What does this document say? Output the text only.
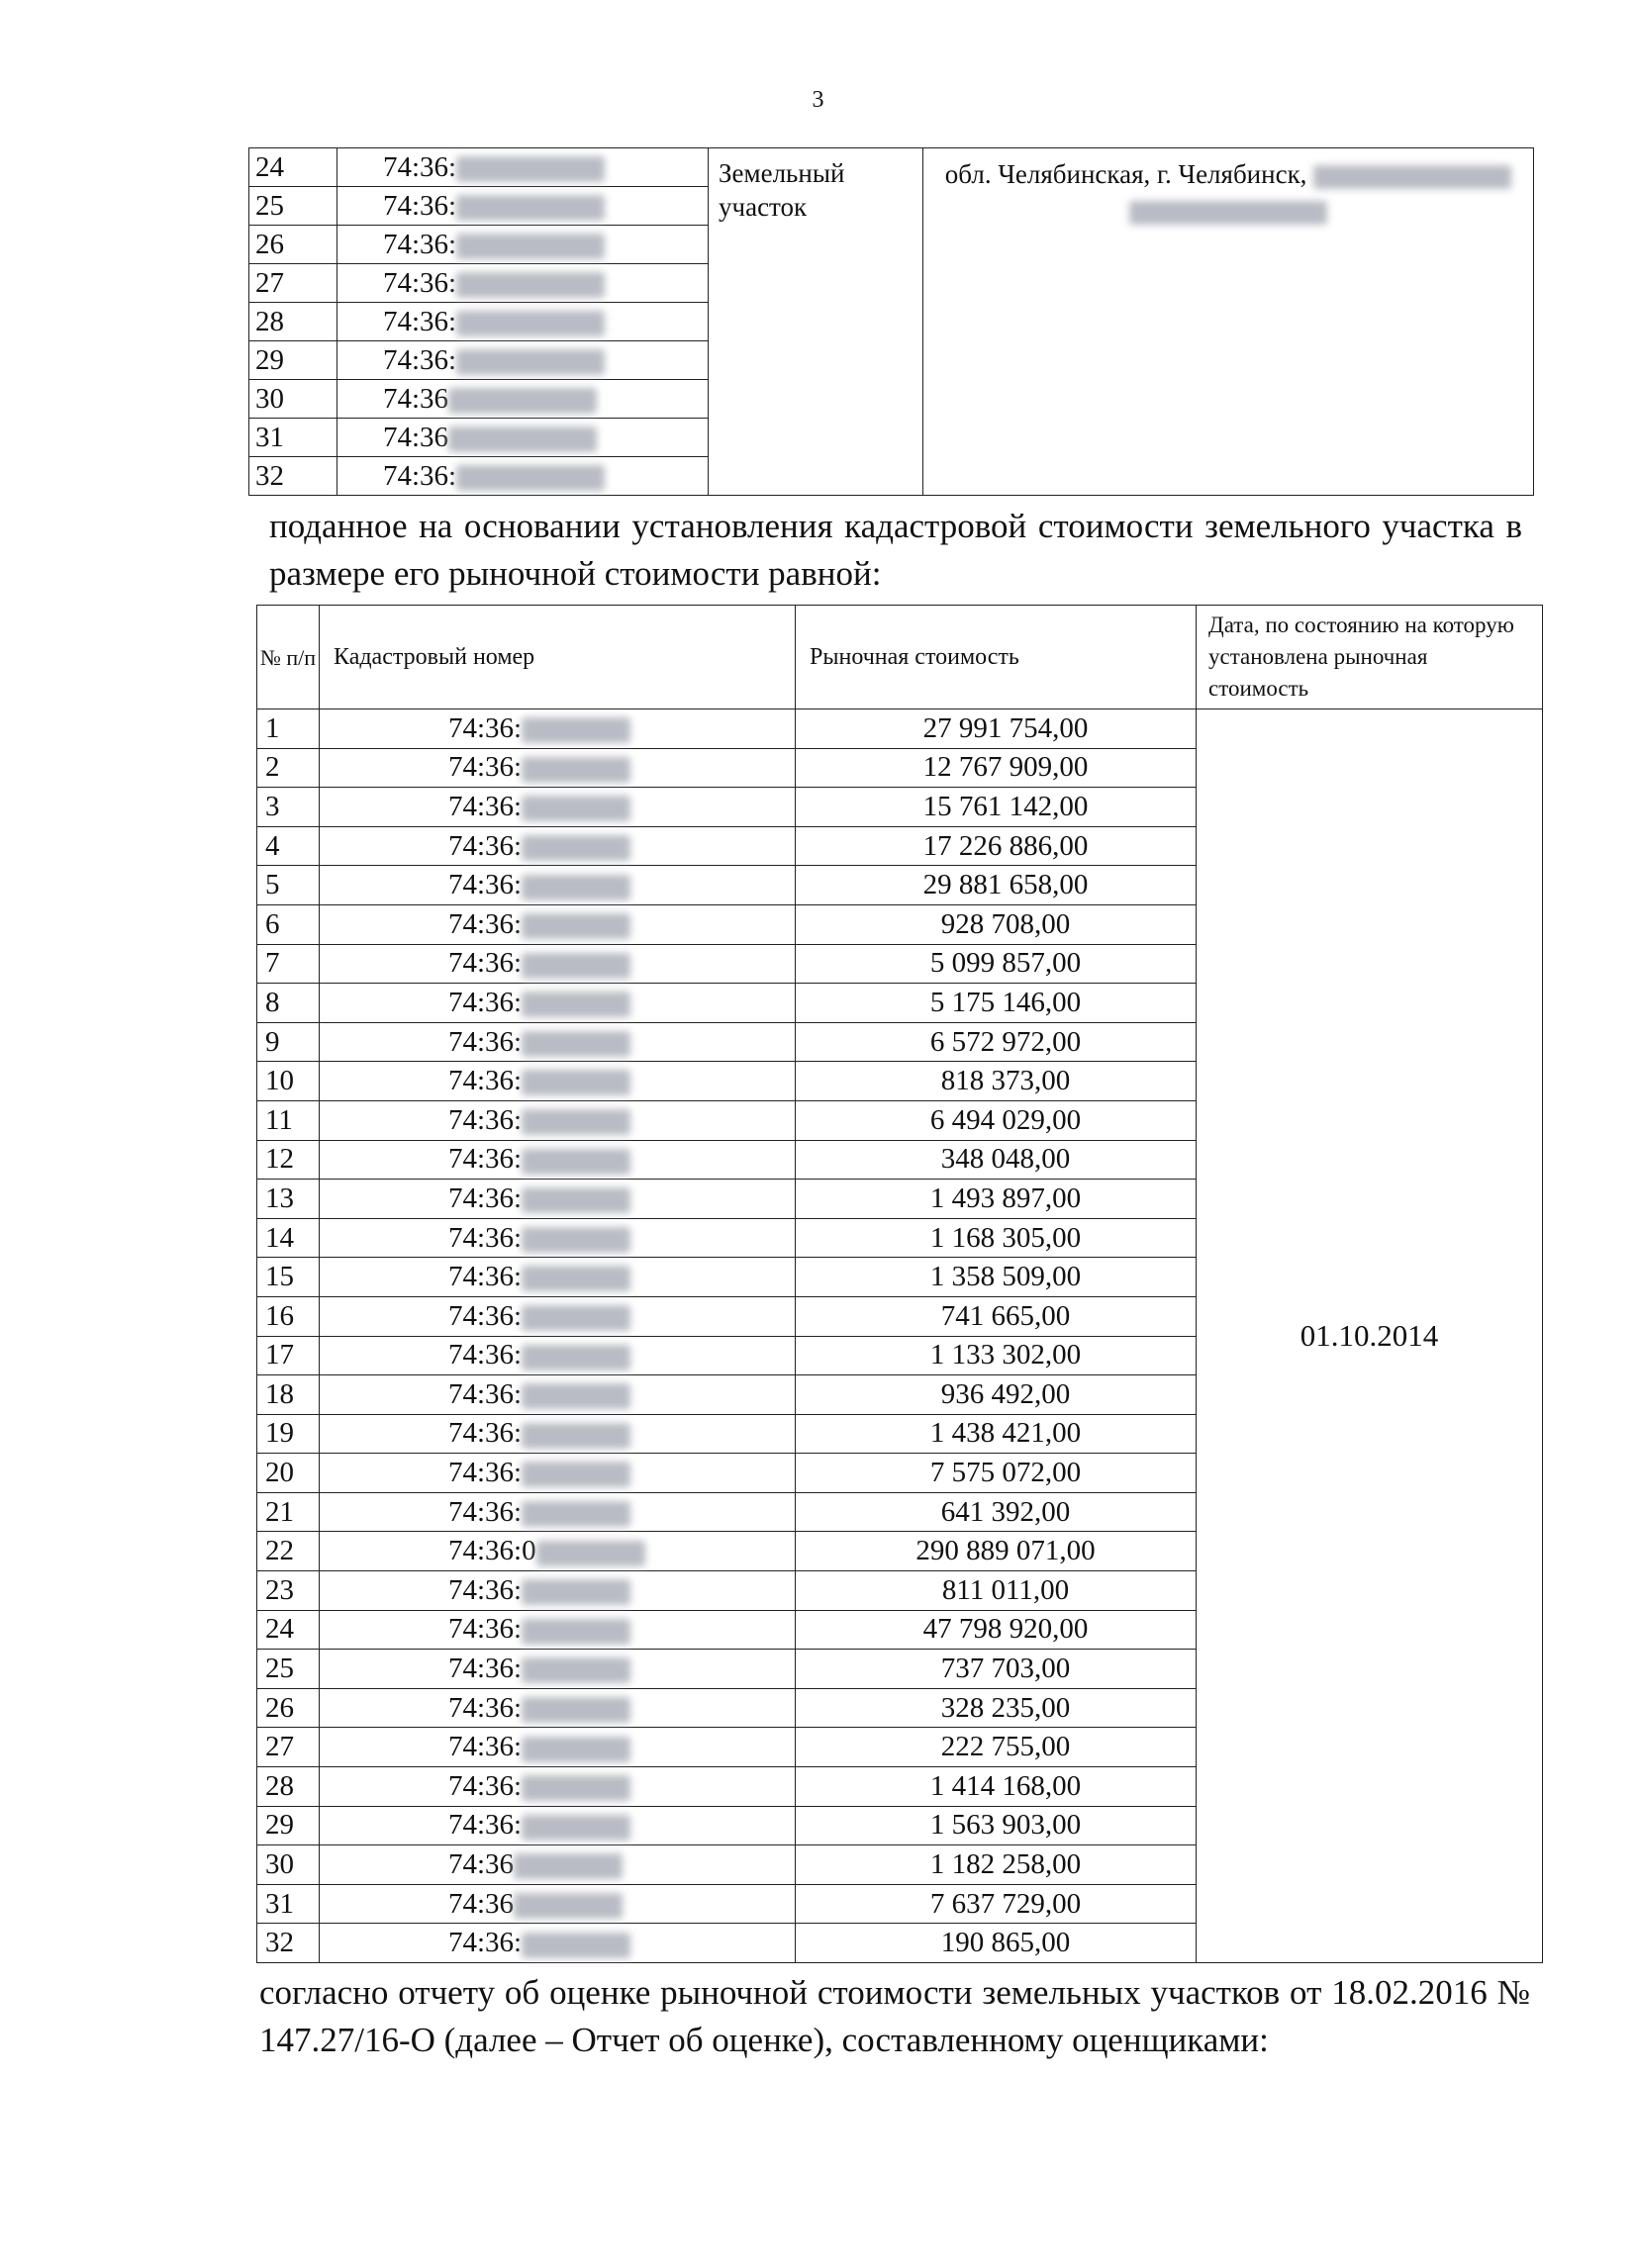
3
24	74:36:	Земельный участок	обл. Челябинская, г. Челябинск,

25	74:36:		
26	74:36:		
27	74:36:		
28	74:36:		
29	74:36:		
30	74:36		
31	74:36		
32	74:36:		
поданное на основании установления кадастровой стоимости земельного участка в размере его рыночной стоимости равной:
№ п/п	Кадастровый номер	Рыночная стоимость	Дата, по состоянию на которую установлена рыночная стоимость
1	74:36:	27 991 754,00	01.10.2014
2	74:36:	12 767 909,00	
3	74:36:	15 761 142,00	
4	74:36:	17 226 886,00	
5	74:36:	29 881 658,00	
6	74:36:	928 708,00	
7	74:36:	5 099 857,00	
8	74:36:	5 175 146,00	
9	74:36:	6 572 972,00	
10	74:36:	818 373,00	
11	74:36:	6 494 029,00	
12	74:36:	348 048,00	
13	74:36:	1 493 897,00	
14	74:36:	1 168 305,00	
15	74:36:	1 358 509,00	
16	74:36:	741 665,00	
17	74:36:	1 133 302,00	
18	74:36:	936 492,00	
19	74:36:	1 438 421,00	
20	74:36:	7 575 072,00	
21	74:36:	641 392,00	
22	74:36:0	290 889 071,00	
23	74:36:	811 011,00	
24	74:36:	47 798 920,00	
25	74:36:	737 703,00	
26	74:36:	328 235,00	
27	74:36:	222 755,00	
28	74:36:	1 414 168,00	
29	74:36:	1 563 903,00	
30	74:36	1 182 258,00	
31	74:36	7 637 729,00	
32	74:36:	190 865,00	
согласно отчету об оценке рыночной стоимости земельных участков от 18.02.2016 № 147.27/16-О (далее – Отчет об оценке), составленному оценщиками:
